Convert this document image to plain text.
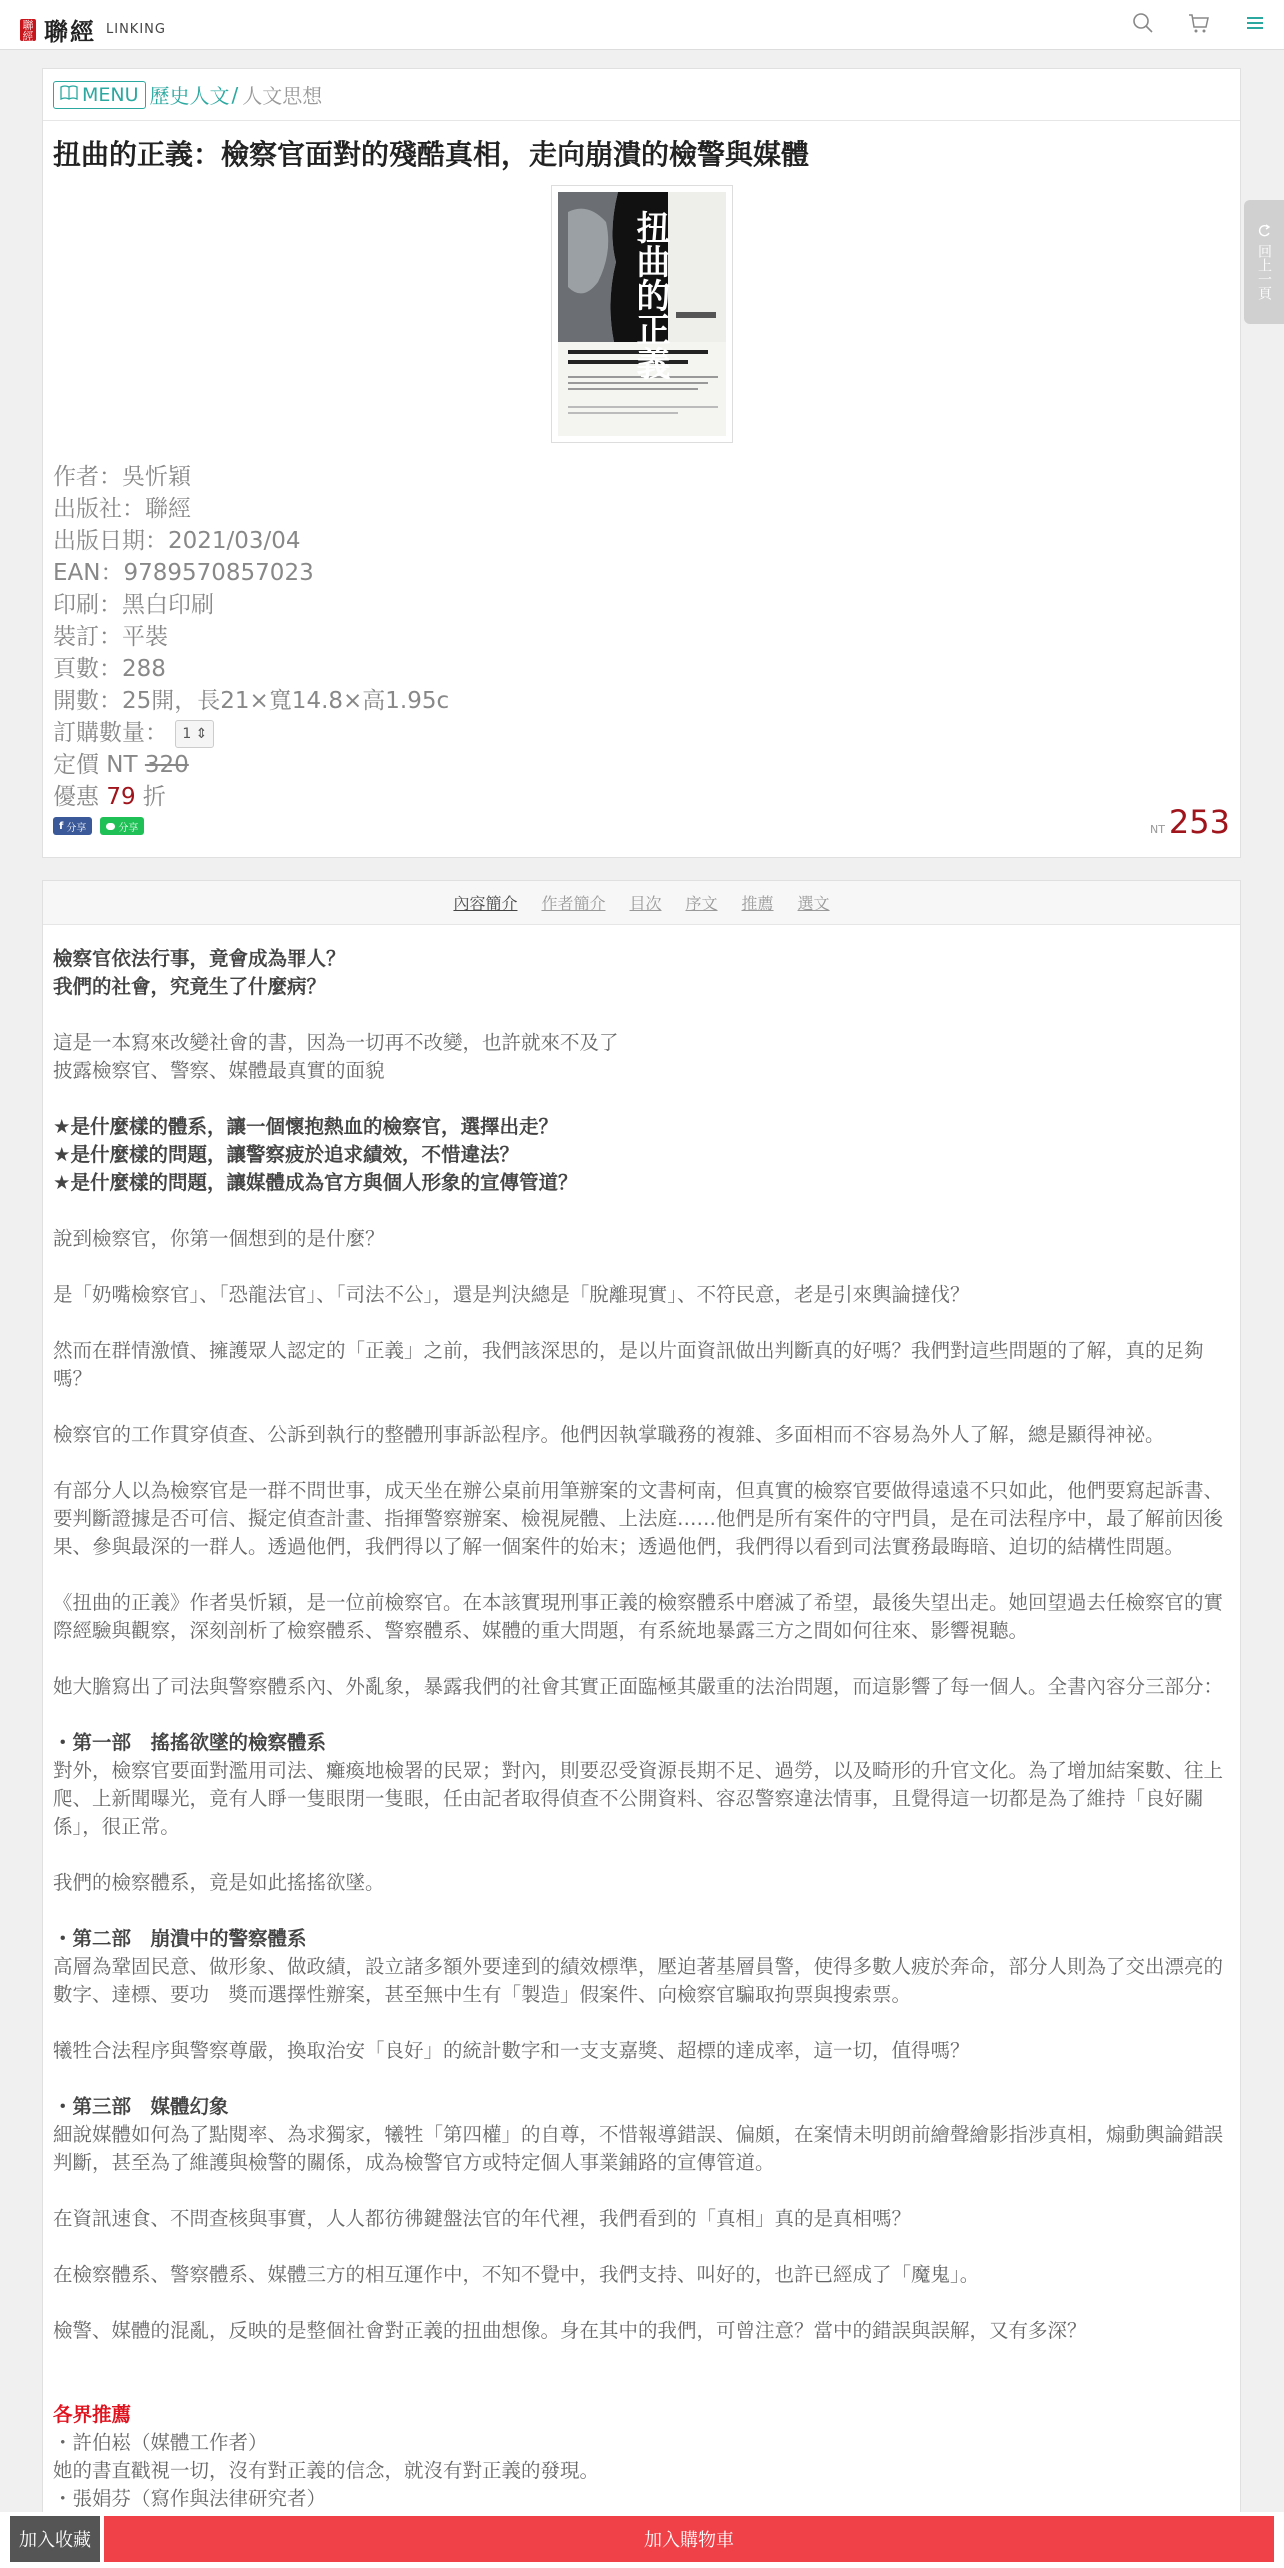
聯
經 聯經 LINKING
MENU 歷史人文 / 人文思想
扭曲的正義：檢察官面對的殘酷真相，走向崩潰的檢警與媒體
扭曲的正義
作者：吳忻穎
出版社：聯經
出版日期：2021/03/04
EAN：9789570857023
印刷：黑白印刷
裝訂：平裝
頁數：288
開數：25開，長21×寬14.8×高1.95c
訂購數量： 1 ⇕
定價 NT 320
優惠 79 折
f 分享	分享	NT 253
回上一頁
內容簡介 作者簡介 目次 序文 推薦 選文

檢察官依法行事，竟會成為罪人？
我們的社會，究竟生了什麼病？

這是一本寫來改變社會的書，因為一切再不改變，也許就來不及了
披露檢察官、警察、媒體最真實的面貌

★是什麼樣的體系，讓一個懷抱熱血的檢察官，選擇出走？
★是什麼樣的問題，讓警察疲於追求績效，不惜違法？
★是什麼樣的問題，讓媒體成為官方與個人形象的宣傳管道？

說到檢察官，你第一個想到的是什麼？

是「奶嘴檢察官」、「恐龍法官」、「司法不公」，還是判決總是「脫離現實」、不符民意，老是引來輿論撻伐？

然而在群情激憤、擁護眾人認定的「正義」之前，我們該深思的，是以片面資訊做出判斷真的好嗎？我們對這些問題的了解，真的足夠嗎？

檢察官的工作貫穿偵查、公訴到執行的整體刑事訴訟程序。他們因執掌職務的複雜、多面相而不容易為外人了解，總是顯得神祕。

有部分人以為檢察官是一群不問世事，成天坐在辦公桌前用筆辦案的文書柯南，但真實的檢察官要做得遠遠不只如此，他們要寫起訴書、要判斷證據是否可信、擬定偵查計畫、指揮警察辦案、檢視屍體、上法庭……他們是所有案件的守門員，是在司法程序中，最了解前因後果、參與最深的一群人。透過他們，我們得以了解一個案件的始末；透過他們，我們得以看到司法實務最晦暗、迫切的結構性問題。

《扭曲的正義》作者吳忻穎，是一位前檢察官。在本該實現刑事正義的檢察體系中磨滅了希望，最後失望出走。她回望過去任檢察官的實際經驗與觀察，深刻剖析了檢察體系、警察體系、媒體的重大問題，有系統地暴露三方之間如何往來、影響視聽。

她大膽寫出了司法與警察體系內、外亂象，暴露我們的社會其實正面臨極其嚴重的法治問題，而這影響了每一個人。全書內容分三部分：

・第一部　搖搖欲墜的檢察體系
對外，檢察官要面對濫用司法、癱瘓地檢署的民眾；對內，則要忍受資源長期不足、過勞，以及畸形的升官文化。為了增加結案數、往上爬、上新聞曝光，竟有人睜一隻眼閉一隻眼，任由記者取得偵查不公開資料、容忍警察違法情事，且覺得這一切都是為了維持「良好關係」，很正常。

我們的檢察體系，竟是如此搖搖欲墜。

・第二部　崩潰中的警察體系
高層為鞏固民意、做形象、做政績，設立諸多額外要達到的績效標準，壓迫著基層員警，使得多數人疲於奔命，部分人則為了交出漂亮的數字、達標、要功　獎而選擇性辦案，甚至無中生有「製造」假案件、向檢察官騙取拘票與搜索票。

犧牲合法程序與警察尊嚴，換取治安「良好」的統計數字和一支支嘉獎、超標的達成率，這一切，值得嗎？

・第三部　媒體幻象
細說媒體如何為了點閱率、為求獨家，犧牲「第四權」的自尊，不惜報導錯誤、偏頗，在案情未明朗前繪聲繪影指涉真相，煽動輿論錯誤判斷，甚至為了維護與檢警的關係，成為檢警官方或特定個人事業鋪路的宣傳管道。

在資訊速食、不問查核與事實，人人都彷彿鍵盤法官的年代裡，我們看到的「真相」真的是真相嗎？

在檢察體系、警察體系、媒體三方的相互運作中，不知不覺中，我們支持、叫好的，也許已經成了「魔鬼」。

檢警、媒體的混亂，反映的是整個社會對正義的扭曲想像。身在其中的我們，可曾注意？當中的錯誤與誤解，又有多深？

各界推薦
・許伯崧（媒體工作者）
她的書直戳視一切，沒有對正義的信念，就沒有對正義的發現。
・張娟芬（寫作與法律研究者）
加入收藏	加入購物車
